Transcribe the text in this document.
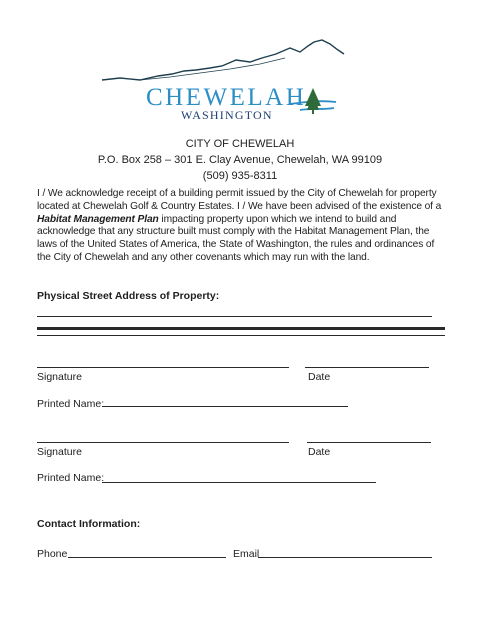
CHEWELAH
WASHINGTON
CITY OF CHEWELAH
P.O. Box 258 – 301 E. Clay Avenue, Chewelah, WA 99109
(509) 935-8311
I / We acknowledge receipt of a building permit issued by the City of Chewelah for property located at Chewelah Golf & Country Estates. I / We have been advised of the existence of a Habitat Management Plan impacting property upon which we intend to build and acknowledge that any structure built must comply with the Habitat Management Plan, the laws of the United States of America, the State of Washington, the rules and ordinances of the City of Chewelah and any other covenants which may run with the land.
Physical Street Address of Property:
Signature	Date
Printed Name:
Signature	Date
Printed Name:
Contact Information:
Phone	Email
